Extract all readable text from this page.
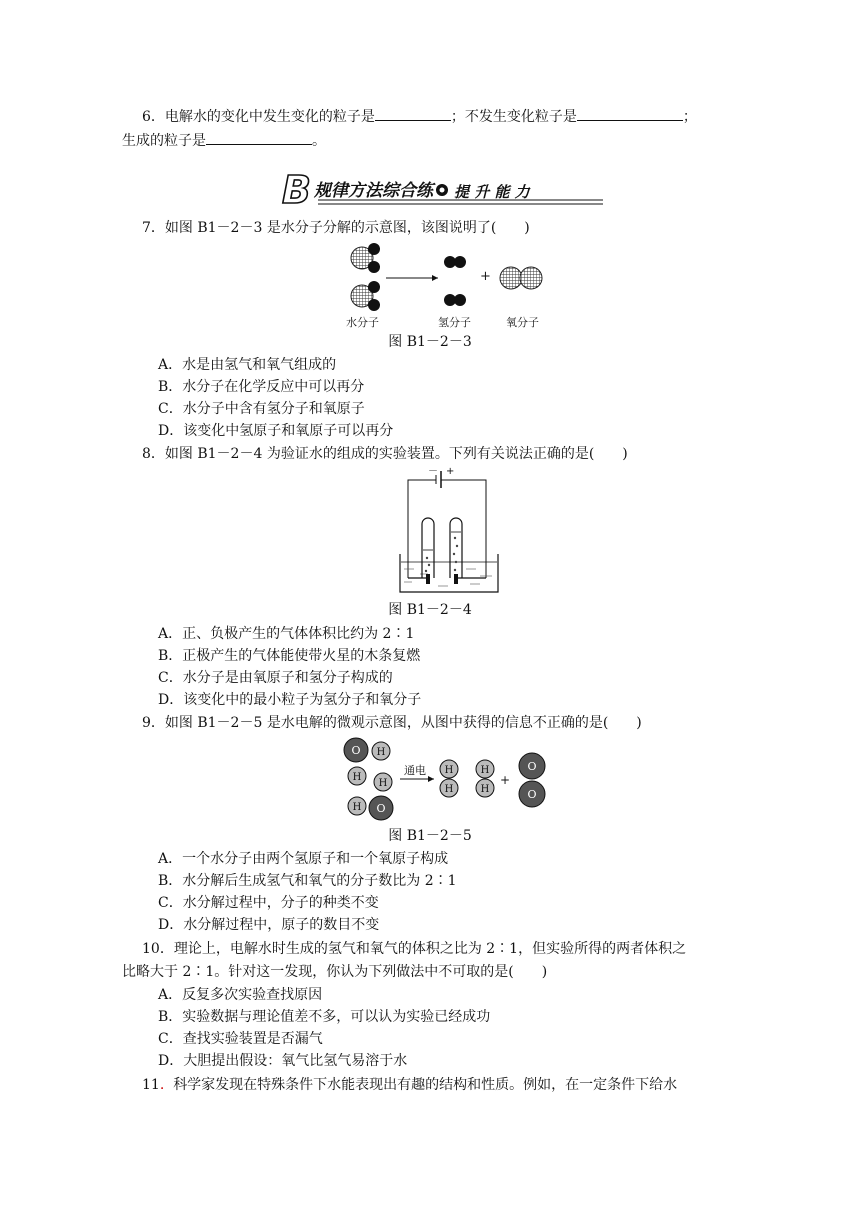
6．电解水的变化中发生变化的粒子是	；不发生变化粒子是	；
生成的粒子是	。
B 规律方法综合练 提 升 能 力
7．如图 B1－2－3 是水分子分解的示意图，该图说明了(　　)
+
水分子	氢分子	氧分子
图 B1－2－3
A．水是由氢气和氧气组成的
B．水分子在化学反应中可以再分
C．水分子中含有氢分子和氧原子
D．该变化中氢原子和氧原子可以再分
8．如图 B1－2－4 为验证水的组成的实验装置。下列有关说法正确的是(　　)
－ +
图 B1－2－4
A．正、负极产生的气体体积比约为 2∶1
B．正极产生的气体能使带火星的木条复燃
C．水分子是由氧原子和氢分子构成的
D．该变化中的最小粒子为氢分子和氧分子
9．如图 B1－2－5 是水电解的微观示意图，从图中获得的信息不正确的是(　　)
O H
H
H
H O
通电 H
H
H
H
+
O
O
图 B1－2－5
A．一个水分子由两个氢原子和一个氧原子构成
B．水分解后生成氢气和氧气的分子数比为 2∶1
C．水分解过程中，分子的种类不变
D．水分解过程中，原子的数目不变
10．理论上，电解水时生成的氢气和氧气的体积之比为 2∶1，但实验所得的两者体积之
比略大于 2∶1。针对这一发现，你认为下列做法中不可取的是(　　)
A．反复多次实验查找原因
B．实验数据与理论值差不多，可以认为实验已经成功
C．查找实验装置是否漏气
D．大胆提出假设：氧气比氢气易溶于水
11. 科学家发现在特殊条件下水能表现出有趣的结构和性质。例如，在一定条件下给水
